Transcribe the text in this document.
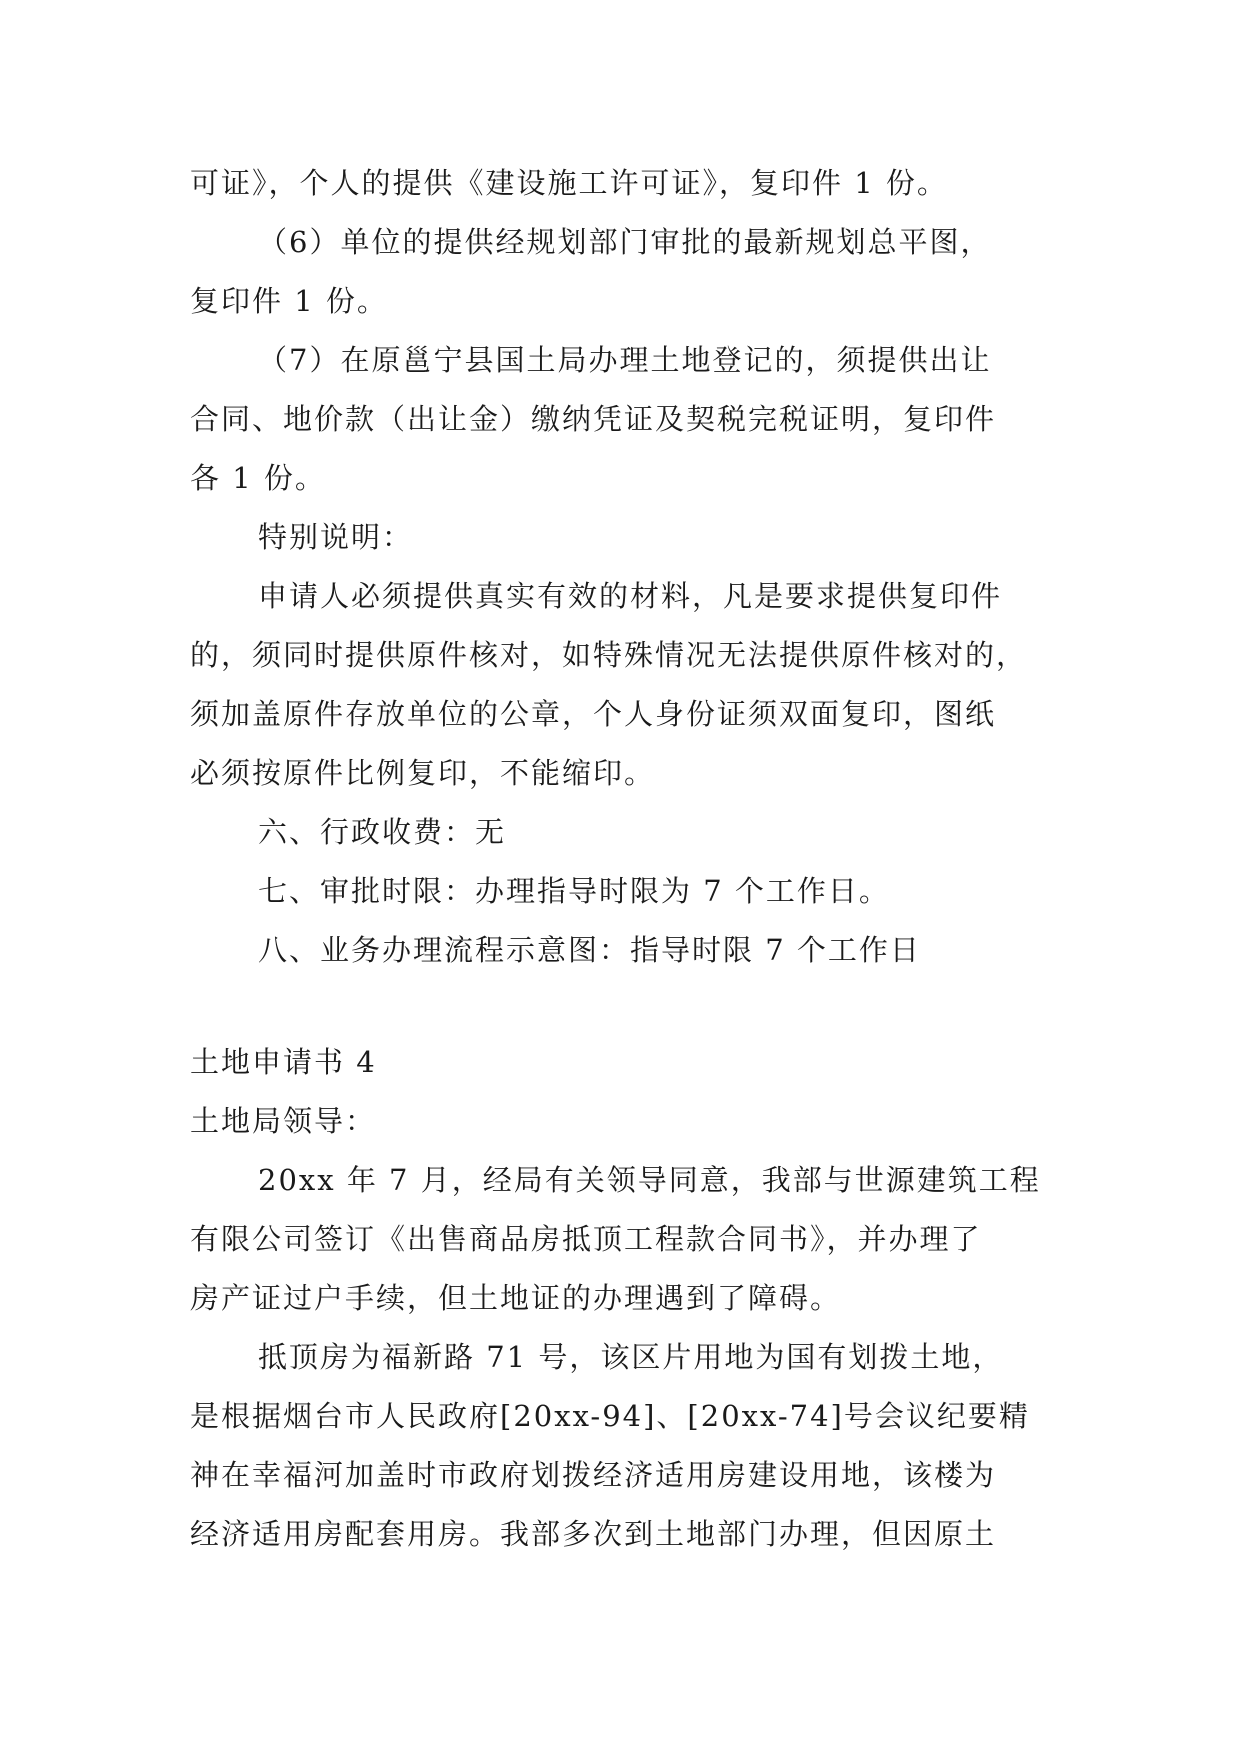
可证》，个人的提供《建设施工许可证》，复印件 1 份。
（6）单位的提供经规划部门审批的最新规划总平图，
复印件 1 份。
（7）在原邕宁县国土局办理土地登记的，须提供出让
合同、地价款（出让金）缴纳凭证及契税完税证明，复印件
各 1 份。
特别说明：
申请人必须提供真实有效的材料，凡是要求提供复印件
的，须同时提供原件核对，如特殊情况无法提供原件核对的，
须加盖原件存放单位的公章，个人身份证须双面复印，图纸
必须按原件比例复印，不能缩印。
六、行政收费：无
七、审批时限：办理指导时限为 7 个工作日。
八、业务办理流程示意图：指导时限 7 个工作日
土地申请书 4
土地局领导：
20xx 年 7 月，经局有关领导同意，我部与世源建筑工程
有限公司签订《出售商品房抵顶工程款合同书》，并办理了
房产证过户手续，但土地证的办理遇到了障碍。
抵顶房为福新路 71 号，该区片用地为国有划拨土地，
是根据烟台市人民政府[20xx-94]、[20xx-74]号会议纪要精
神在幸福河加盖时市政府划拨经济适用房建设用地，该楼为
经济适用房配套用房。我部多次到土地部门办理，但因原土
